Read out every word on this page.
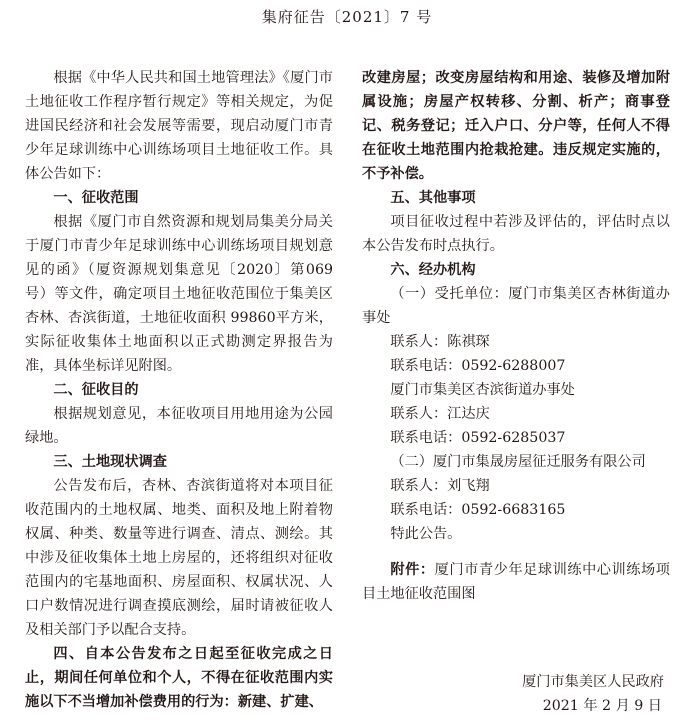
集府征告〔2021〕7 号

根据《中华人民共和国土地管理法》《厦门市土地征收工作程序暂行规定》等相关规定，为促进国民经济和社会发展等需要，现启动厦门市青少年足球训练中心训练场项目土地征收工作。具体公告如下：

一、征收范围

根据《厦门市自然资源和规划局集美分局关于厦门市青少年足球训练中心训练场项目规划意见的函》（厦资源规划集意见〔2020〕第069 号）等文件，确定项目土地征收范围位于集美区杏林、杏滨街道，土地征收面积 99860平方米，实际征收集体土地面积以正式勘测定界报告为准，具体坐标详见附图。

二、征收目的

根据规划意见，本征收项目用地用途为公园绿地。

三、土地现状调查

公告发布后，杏林、杏滨街道将对本项目征收范围内的土地权属、地类、面积及地上附着物权属、种类、数量等进行调查、清点、测绘。其中涉及征收集体土地上房屋的，还将组织对征收范围内的宅基地面积、房屋面积、权属状况、人口户数情况进行调查摸底测绘，届时请被征收人及相关部门予以配合支持。

四、自本公告发布之日起至征收完成之日止，期间任何单位和个人，不得在征收范围内实施以下不当增加补偿费用的行为：新建、扩建、

改建房屋；改变房屋结构和用途、装修及增加附属设施；房屋产权转移、分割、析产；商事登记、税务登记；迁入户口、分户等，任何人不得在征收土地范围内抢栽抢建。违反规定实施的，不予补偿。

五、其他事项

项目征收过程中若涉及评估的，评估时点以本公告发布时点执行。

六、经办机构

（一）受托单位：厦门市集美区杏林街道办事处

联系人：陈祺琛

联系电话：0592-6288007

厦门市集美区杏滨街道办事处

联系人：江达庆

联系电话：0592-6285037

（二）厦门市集晟房屋征迁服务有限公司

联系人：刘飞翔

联系电话：0592-6683165

特此公告。

附件：厦门市青少年足球训练中心训练场项目土地征收范围图

厦门市集美区人民政府
2021 年 2 月 9 日
